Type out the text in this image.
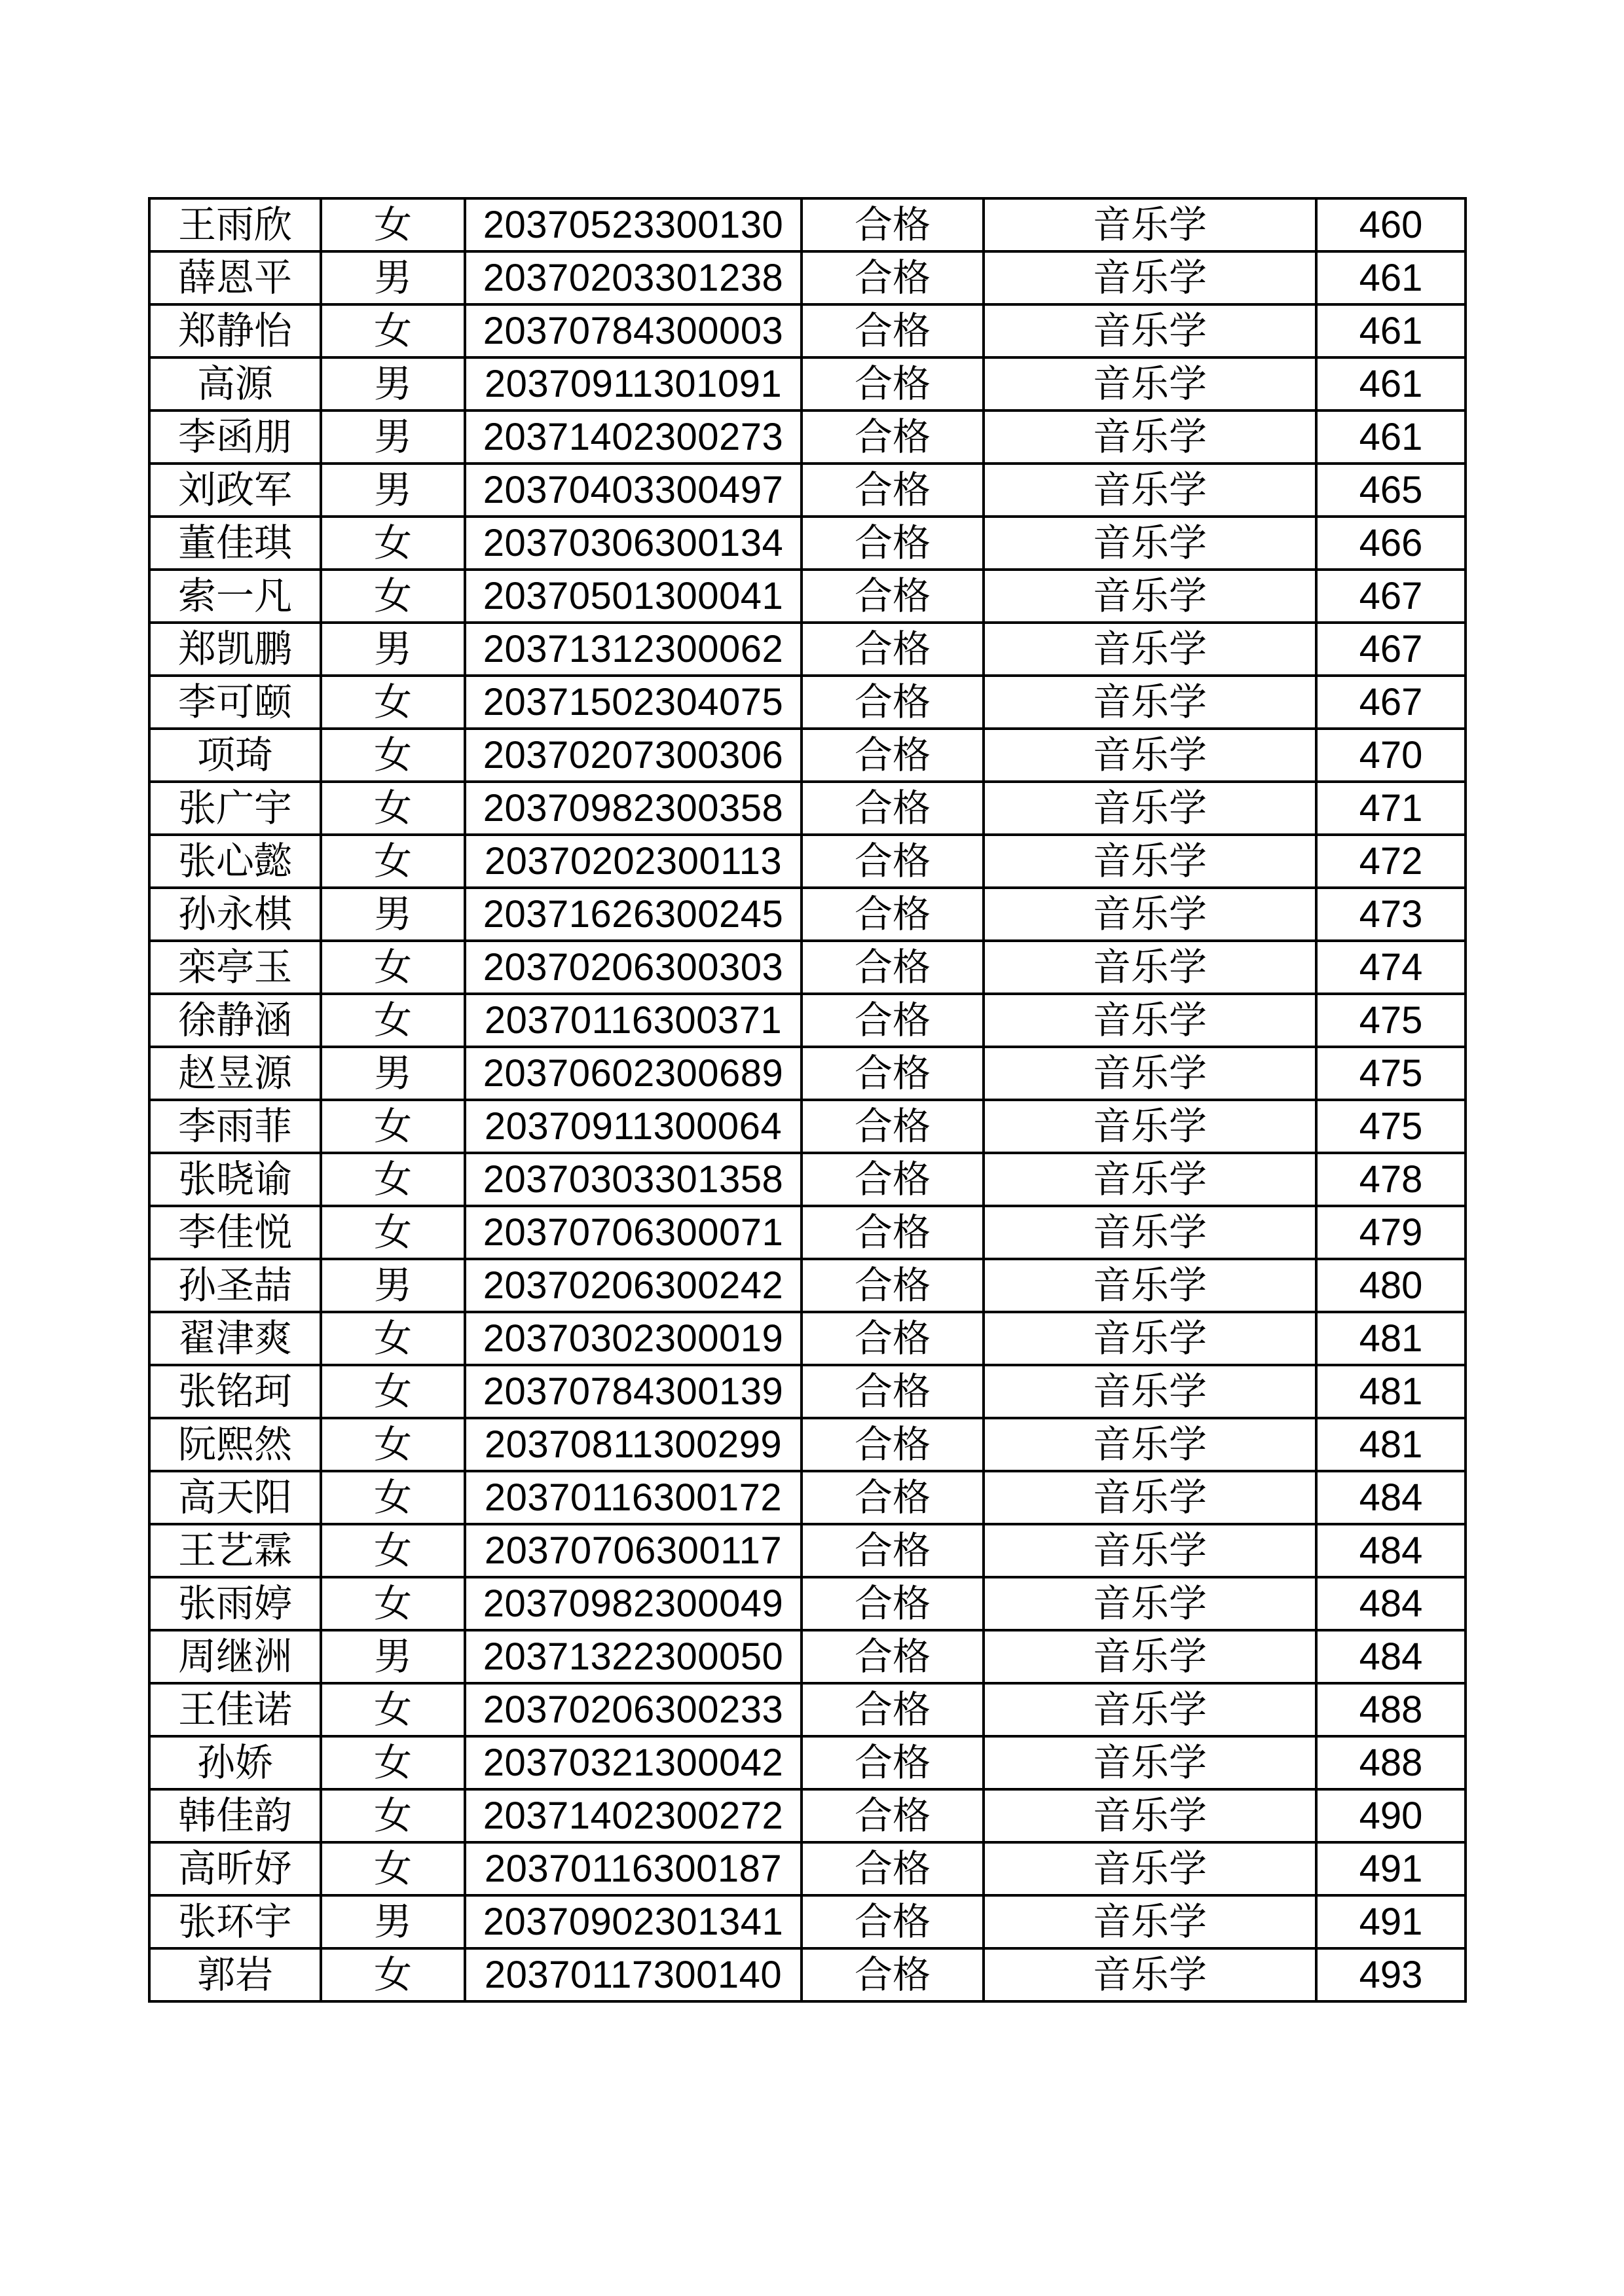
王雨欣	女	20370523300130	合格	音乐学	460
薛恩平	男	20370203301238	合格	音乐学	461
郑静怡	女	20370784300003	合格	音乐学	461
高源	男	20370911301091	合格	音乐学	461
李函朋	男	20371402300273	合格	音乐学	461
刘政军	男	20370403300497	合格	音乐学	465
董佳琪	女	20370306300134	合格	音乐学	466
索一凡	女	20370501300041	合格	音乐学	467
郑凯鹏	男	20371312300062	合格	音乐学	467
李可颐	女	20371502304075	合格	音乐学	467
项琦	女	20370207300306	合格	音乐学	470
张广宇	女	20370982300358	合格	音乐学	471
张心懿	女	20370202300113	合格	音乐学	472
孙永棋	男	20371626300245	合格	音乐学	473
栾亭玉	女	20370206300303	合格	音乐学	474
徐静涵	女	20370116300371	合格	音乐学	475
赵昱源	男	20370602300689	合格	音乐学	475
李雨菲	女	20370911300064	合格	音乐学	475
张晓谕	女	20370303301358	合格	音乐学	478
李佳悦	女	20370706300071	合格	音乐学	479
孙圣喆	男	20370206300242	合格	音乐学	480
翟津爽	女	20370302300019	合格	音乐学	481
张铭珂	女	20370784300139	合格	音乐学	481
阮熙然	女	20370811300299	合格	音乐学	481
高天阳	女	20370116300172	合格	音乐学	484
王艺霖	女	20370706300117	合格	音乐学	484
张雨婷	女	20370982300049	合格	音乐学	484
周继洲	男	20371322300050	合格	音乐学	484
王佳诺	女	20370206300233	合格	音乐学	488
孙娇	女	20370321300042	合格	音乐学	488
韩佳韵	女	20371402300272	合格	音乐学	490
高昕妤	女	20370116300187	合格	音乐学	491
张环宇	男	20370902301341	合格	音乐学	491
郭岩	女	20370117300140	合格	音乐学	493
